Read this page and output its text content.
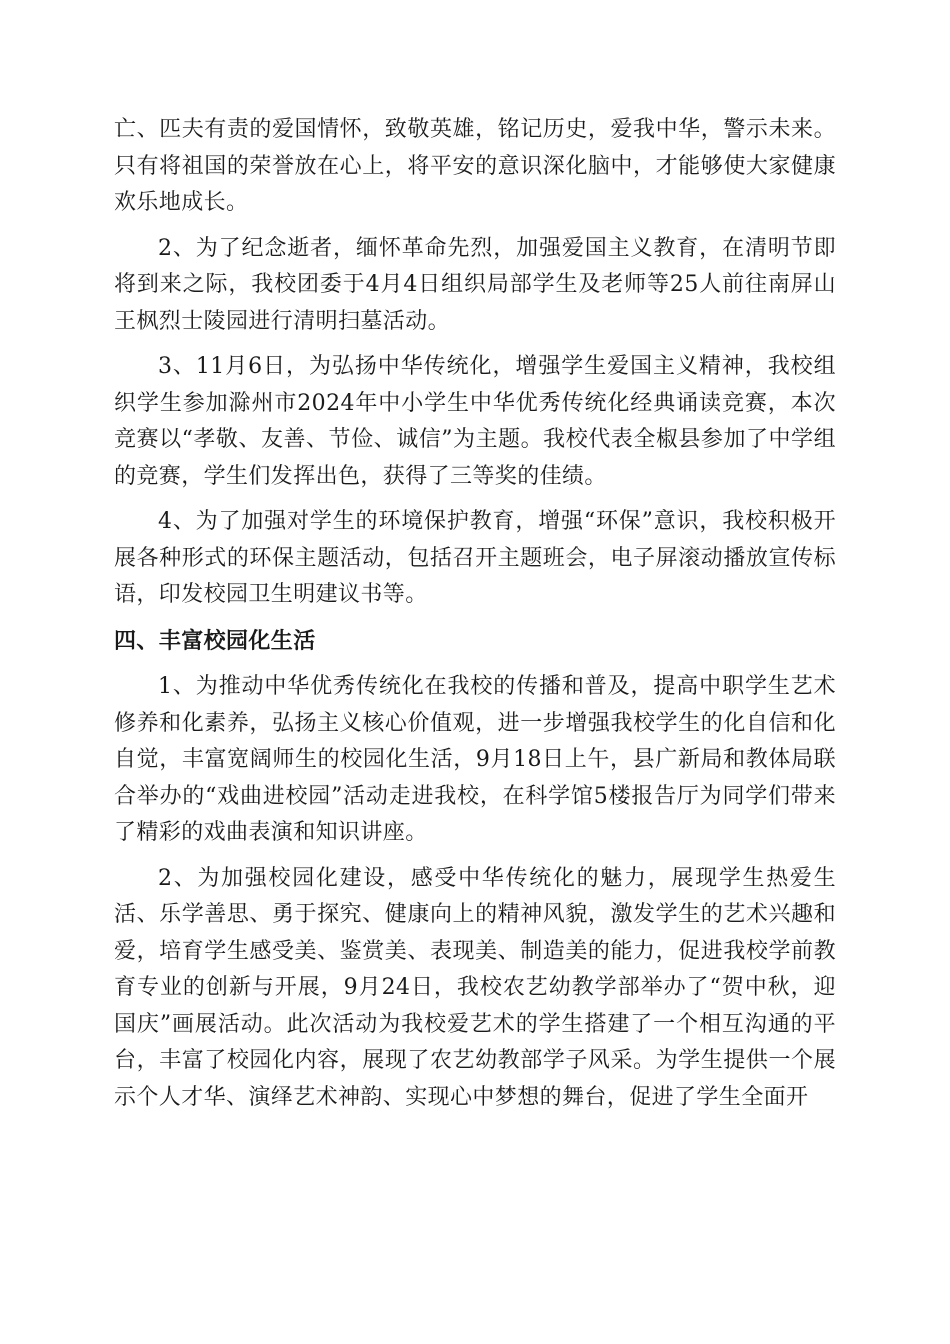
亡、匹夫有责的爱国情怀，致敬英雄，铭记历史，爱我中华，警示未来。只有将祖国的荣誉放在心上，将平安的意识深化脑中，才能够使大家健康欢乐地成长。

2、为了纪念逝者，缅怀革命先烈，加强爱国主义教育，在清明节即将到来之际，我校团委于4月4日组织局部学生及老师等25人前往南屏山王枫烈士陵园进行清明扫墓活动。

3、11月6日，为弘扬中华传统化，增强学生爱国主义精神，我校组织学生参加滁州市2024年中小学生中华优秀传统化经典诵读竞赛，本次竞赛以“孝敬、友善、节俭、诚信”为主题。我校代表全椒县参加了中学组的竞赛，学生们发挥出色，获得了三等奖的佳绩。

4、为了加强对学生的环境保护教育，增强“环保”意识，我校积极开展各种形式的环保主题活动，包括召开主题班会，电子屏滚动播放宣传标语，印发校园卫生明建议书等。

四、丰富校园化生活

1、为推动中华优秀传统化在我校的传播和普及，提高中职学生艺术修养和化素养，弘扬主义核心价值观，进一步增强我校学生的化自信和化自觉，丰富宽阔师生的校园化生活，9月18日上午，县广新局和教体局联合举办的“戏曲进校园”活动走进我校，在科学馆5楼报告厅为同学们带来了精彩的戏曲表演和知识讲座。

2、为加强校园化建设，感受中华传统化的魅力，展现学生热爱生活、乐学善思、勇于探究、健康向上的精神风貌，激发学生的艺术兴趣和爱，培育学生感受美、鉴赏美、表现美、制造美的能力，促进我校学前教育专业的创新与开展，9月24日，我校农艺幼教学部举办了“贺中秋，迎国庆”画展活动。此次活动为我校爱艺术的学生搭建了一个相互沟通的平台，丰富了校园化内容，展现了农艺幼教部学子风采。为学生提供一个展示个人才华、演绎艺术神韵、实现心中梦想的舞台，促进了学生全面开
